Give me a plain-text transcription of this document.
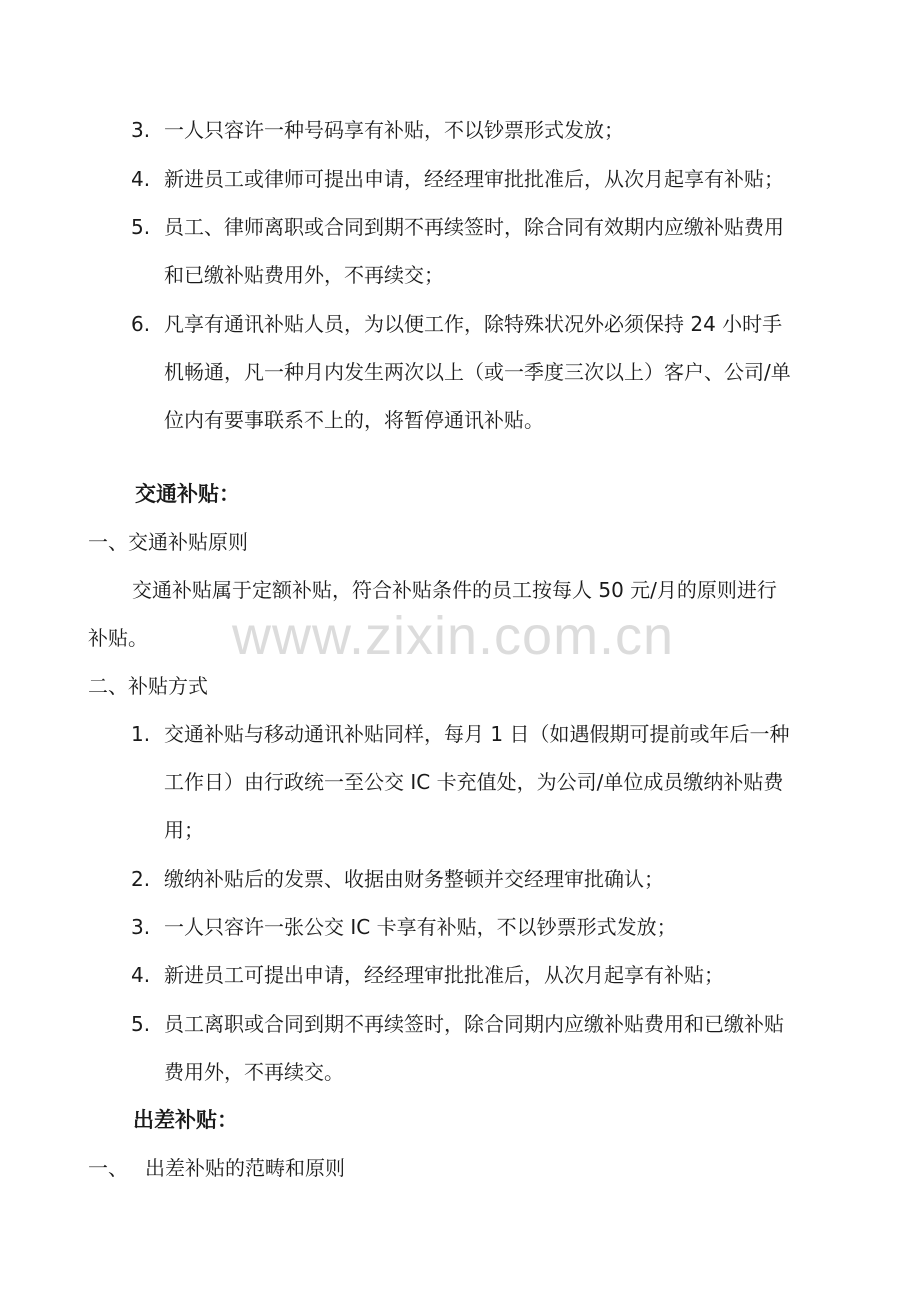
www.zixin.com.cn
3. 一人只容许一种号码享有补贴，不以钞票形式发放；
4. 新进员工或律师可提出申请，经经理审批批准后，从次月起享有补贴；
5. 员工、律师离职或合同到期不再续签时，除合同有效期内应缴补贴费用
和已缴补贴费用外，不再续交；
6. 凡享有通讯补贴人员，为以便工作，除特殊状况外必须保持 24 小时手
机畅通，凡一种月内发生两次以上（或一季度三次以上）客户、公司/单
位内有要事联系不上的，将暂停通讯补贴。
交通补贴：
一、交通补贴原则
交通补贴属于定额补贴，符合补贴条件的员工按每人 50 元/月的原则进行
补贴。
二、补贴方式
1. 交通补贴与移动通讯补贴同样，每月 1 日（如遇假期可提前或年后一种
工作日）由行政统一至公交 IC 卡充值处，为公司/单位成员缴纳补贴费
用；
2. 缴纳补贴后的发票、收据由财务整顿并交经理审批确认；
3. 一人只容许一张公交 IC 卡享有补贴，不以钞票形式发放；
4. 新进员工可提出申请，经经理审批批准后，从次月起享有补贴；
5. 员工离职或合同到期不再续签时，除合同期内应缴补贴费用和已缴补贴
费用外，不再续交。
出差补贴：
一、 出差补贴的范畴和原则
